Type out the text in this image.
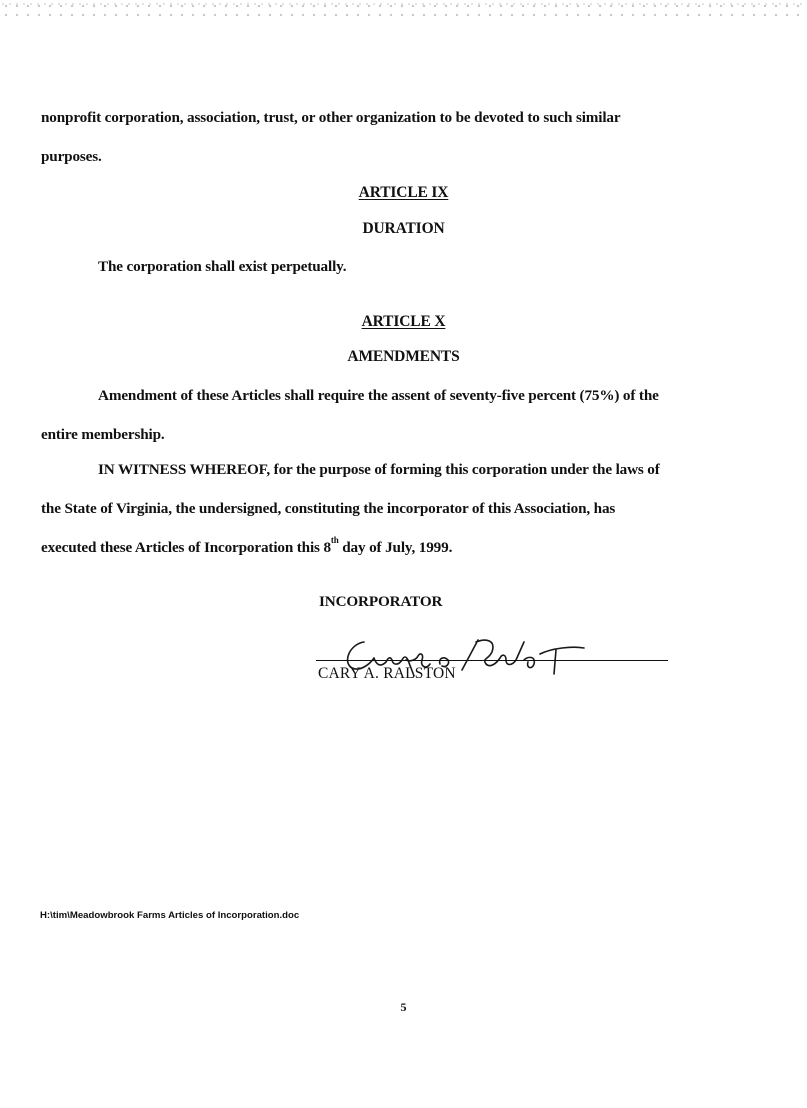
nonprofit corporation, association, trust, or other organization to be devoted to such similar

purposes.

ARTICLE IX

DURATION

The corporation shall exist perpetually.

ARTICLE X

AMENDMENTS

Amendment of these Articles shall require the assent of seventy-five percent (75%) of the

entire membership.

IN WITNESS WHEREOF, for the purpose of forming this corporation under the laws of

the State of Virginia, the undersigned, constituting the incorporator of this Association, has

executed these Articles of Incorporation this 8th day of July, 1999.

INCORPORATOR

CARY A. RALSTON

H:\tim\Meadowbrook Farms Articles of Incorporation.doc

5
